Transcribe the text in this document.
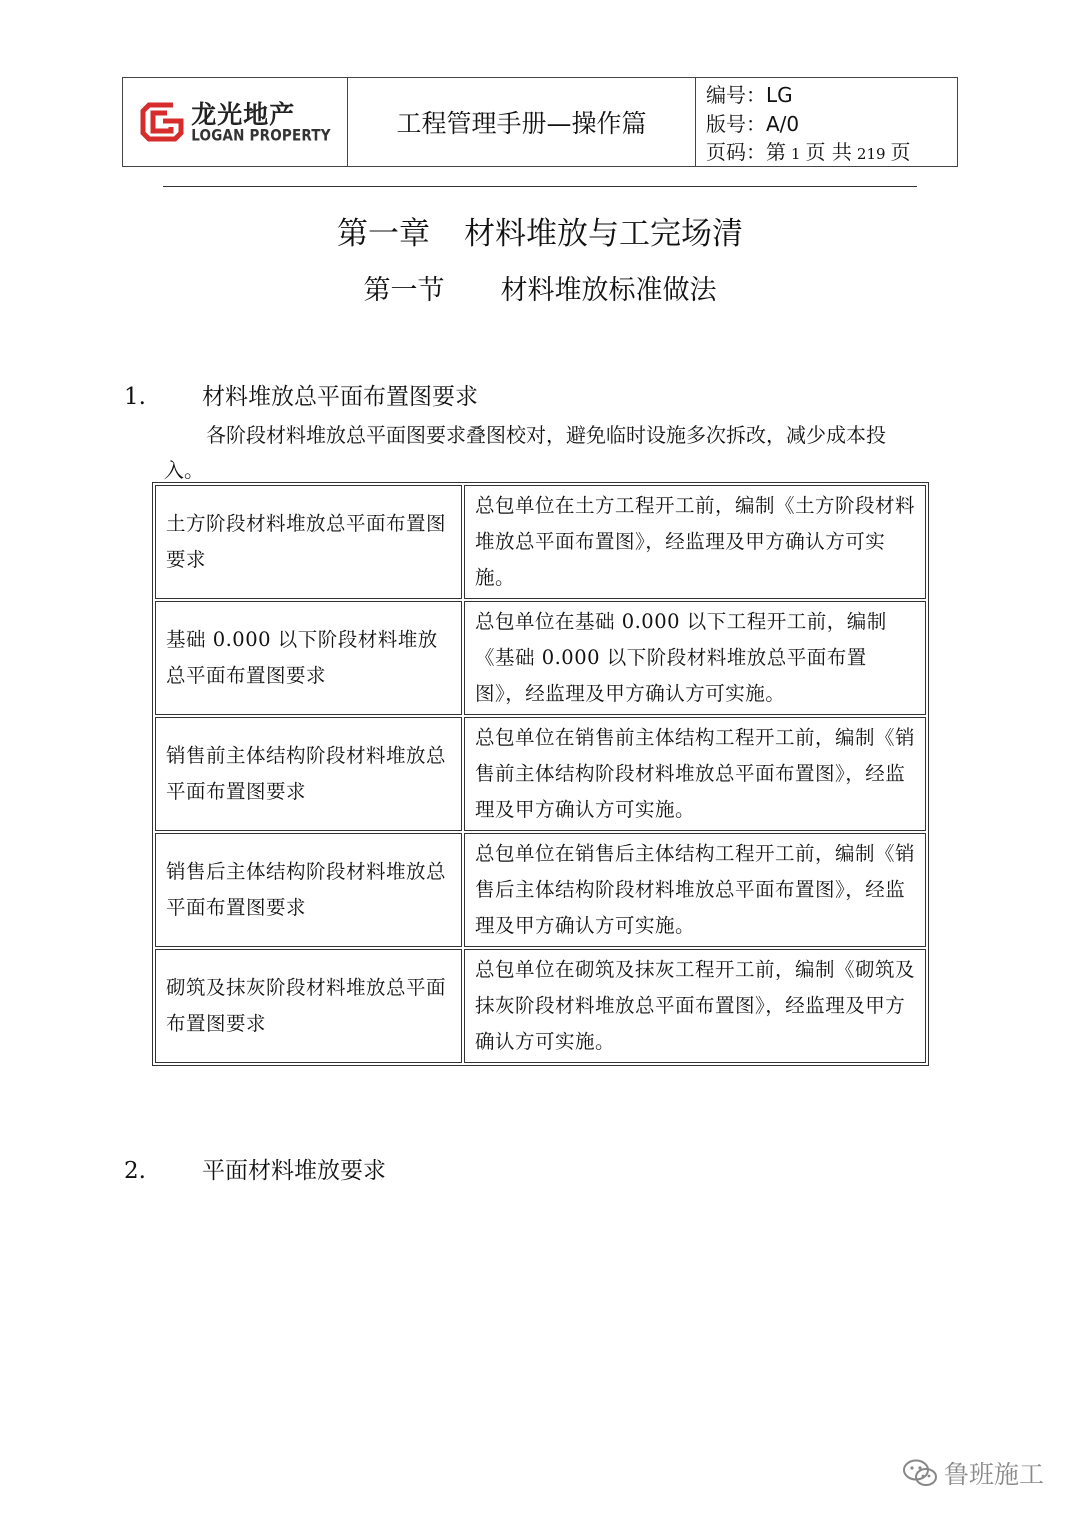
龙光地产
LOGAN PROPERTY	工程管理手册—操作篇
编号：LG
版号：A/0
页码：第 1 页 共 219 页
第一章 材料堆放与工完场清
第一节 材料堆放标准做法
1. 材料堆放总平面布置图要求
各阶段材料堆放总平面图要求叠图校对，避免临时设施多次拆改，减少成本投入。
土方阶段材料堆放总平面布置图要求	总包单位在土方工程开工前，编制《土方阶段材料堆放总平面布置图》，经监理及甲方确认方可实施。
基础 0.000 以下阶段材料堆放总平面布置图要求	总包单位在基础 0.000 以下工程开工前，编制《基础 0.000 以下阶段材料堆放总平面布置图》，经监理及甲方确认方可实施。
销售前主体结构阶段材料堆放总平面布置图要求	总包单位在销售前主体结构工程开工前，编制《销售前主体结构阶段材料堆放总平面布置图》，经监理及甲方确认方可实施。
销售后主体结构阶段材料堆放总平面布置图要求	总包单位在销售后主体结构工程开工前，编制《销售后主体结构阶段材料堆放总平面布置图》，经监理及甲方确认方可实施。
砌筑及抹灰阶段材料堆放总平面布置图要求	总包单位在砌筑及抹灰工程开工前，编制《砌筑及抹灰阶段材料堆放总平面布置图》，经监理及甲方确认方可实施。
2. 平面材料堆放要求
鲁班施工
